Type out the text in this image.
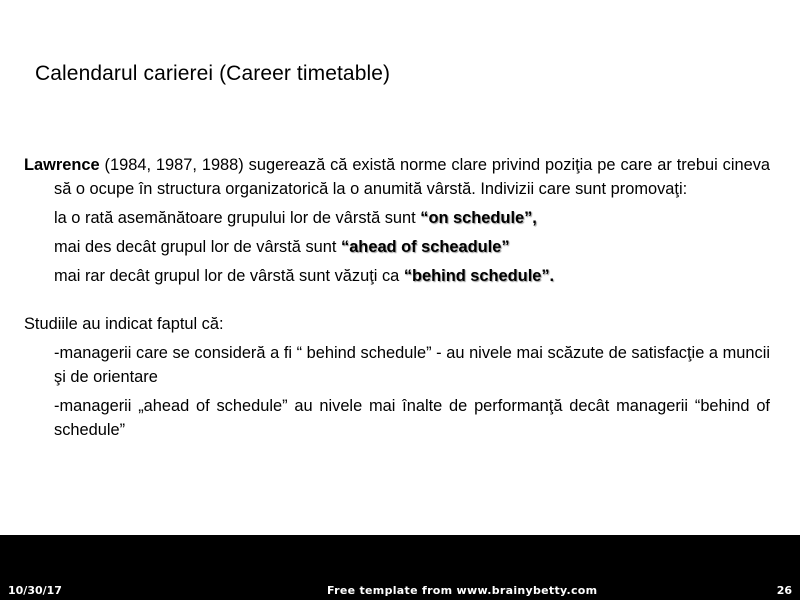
Calendarul carierei (Career timetable)

Lawrence (1984, 1987, 1988) sugerează că există norme clare privind poziţia pe care ar trebui cineva să o ocupe în structura organizatorică la o anumită vârstă. Indivizii care sunt promovaţi:

la o rată asemănătoare grupului lor de vârstă sunt “on schedule”,

mai des decât grupul lor de vârstă sunt “ahead of scheadule”

mai rar decât grupul lor de vârstă sunt văzuţi ca “behind schedule”.

Studiile au indicat faptul că:

-managerii care se consideră a fi “ behind schedule” - au nivele mai scăzute de satisfacţie a muncii şi de orientare

-managerii „ahead of schedule” au nivele mai înalte de performanţă decât managerii “behind of schedule”

10/30/17	Free template from www.brainybetty.com	26
